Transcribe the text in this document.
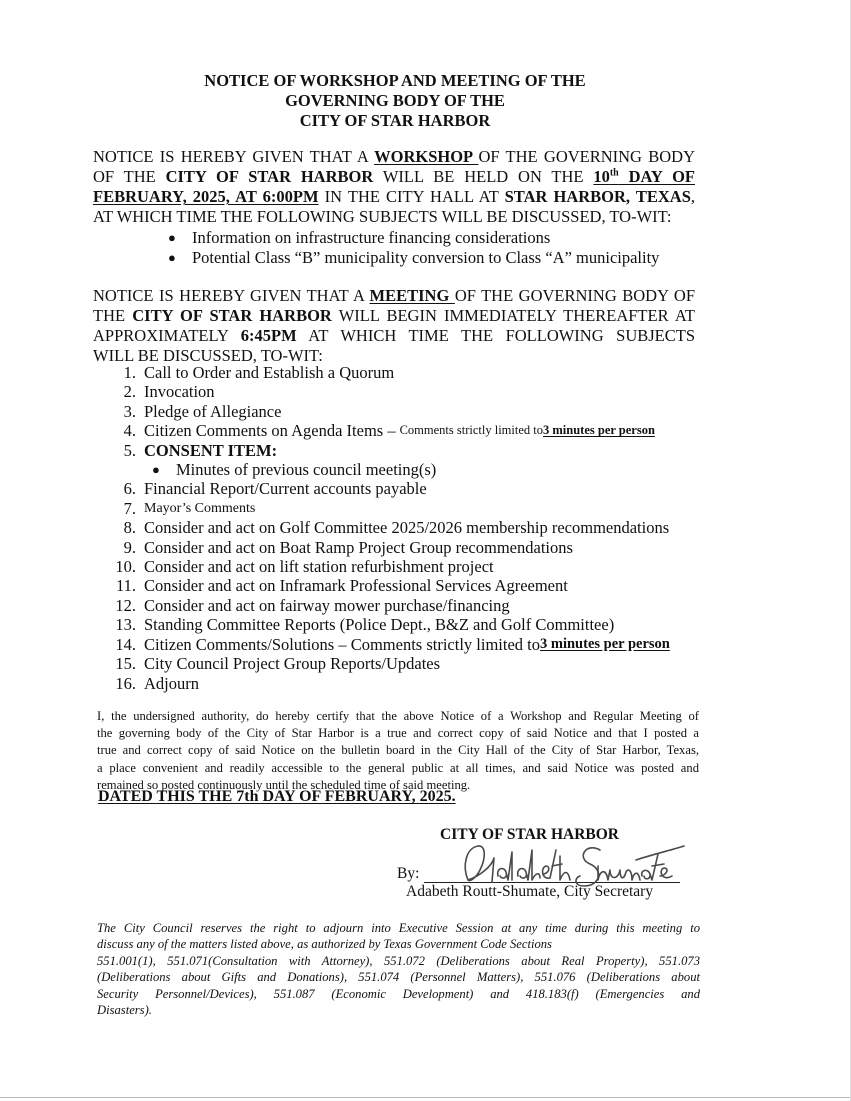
NOTICE OF WORKSHOP AND MEETING OF THE
GOVERNING BODY OF THE
CITY OF STAR HARBOR
NOTICE IS HEREBY GIVEN THAT A WORKSHOP OF THE GOVERNING BODY
OF THE CITY OF STAR HARBOR WILL BE HELD ON THE 10th DAY OF
FEBRUARY, 2025, AT 6:00PM IN THE CITY HALL AT STAR HARBOR, TEXAS,
AT WHICH TIME THE FOLLOWING SUBJECTS WILL BE DISCUSSED, TO-WIT:
● Information on infrastructure financing considerations
● Potential Class “B” municipality conversion to Class “A” municipality
NOTICE IS HEREBY GIVEN THAT A MEETING OF THE GOVERNING BODY OF
THE CITY OF STAR HARBOR WILL BEGIN IMMEDIATELY THEREAFTER AT
APPROXIMATELY 6:45PM AT WHICH TIME THE FOLLOWING SUBJECTS
WILL BE DISCUSSED, TO-WIT:
1. Call to Order and Establish a Quorum
2. Invocation
3. Pledge of Allegiance
4. Citizen Comments on Agenda Items – Comments strictly limited to 3 minutes per person
5. CONSENT ITEM:
● Minutes of previous council meeting(s)
6. Financial Report/Current accounts payable
7. Mayor’s Comments
8. Consider and act on Golf Committee 2025/2026 membership recommendations
9. Consider and act on Boat Ramp Project Group recommendations
10. Consider and act on lift station refurbishment project
11. Consider and act on Inframark Professional Services Agreement
12. Consider and act on fairway mower purchase/financing
13. Standing Committee Reports (Police Dept., B&Z and Golf Committee)
14. Citizen Comments/Solutions – Comments strictly limited to 3 minutes per person
15. City Council Project Group Reports/Updates
16. Adjourn
I, the undersigned authority, do hereby certify that the above Notice of a Workshop and Regular Meeting of
the governing body of the City of Star Harbor is a true and correct copy of said Notice and that I posted a
true and correct copy of said Notice on the bulletin board in the City Hall of the City of Star Harbor, Texas,
a place convenient and readily accessible to the general public at all times, and said Notice was posted and
remained so posted continuously until the scheduled time of said meeting.
DATED THIS THE 7th DAY OF FEBRUARY, 2025.
CITY OF STAR HARBOR
By:
Adabeth Routt-Shumate, City Secretary
The City Council reserves the right to adjourn into Executive Session at any time during this meeting to
discuss any of the matters listed above, as authorized by Texas Government Code Sections
551.001(1), 551.071(Consultation with Attorney), 551.072 (Deliberations about Real Property), 551.073
(Deliberations about Gifts and Donations), 551.074 (Personnel Matters), 551.076 (Deliberations about
Security Personnel/Devices), 551.087 (Economic Development) and 418.183(f) (Emergencies and
Disasters).
